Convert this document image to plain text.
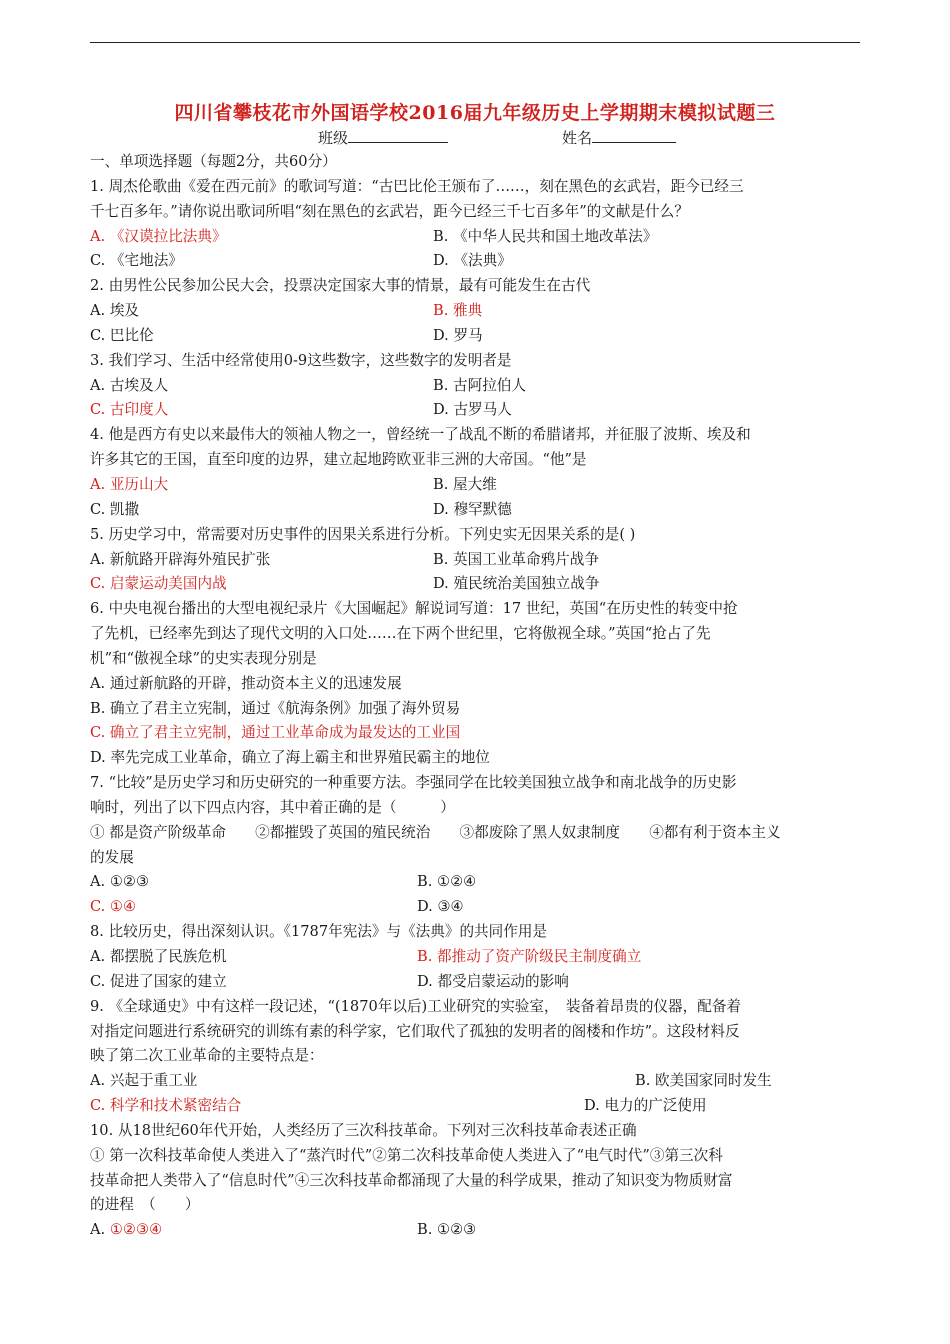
四川省攀枝花市外国语学校2016届九年级历史上学期期末模拟试题三
班级	姓名
一、单项选择题（每题2分，共60分）
1. 周杰伦歌曲《爱在西元前》的歌词写道：“古巴比伦王颁布了……，刻在黑色的玄武岩，距今已经三
千七百多年。”请你说出歌词所唱“刻在黑色的玄武岩，距今已经三千七百多年”的文献是什么？
A. 《汉谟拉比法典》	B. 《中华人民共和国土地改革法》
C. 《宅地法》	D. 《法典》
2. 由男性公民参加公民大会，投票决定国家大事的情景，最有可能发生在古代
A. 埃及	B. 雅典
C. 巴比伦	D. 罗马
3. 我们学习、生活中经常使用0-9这些数字，这些数字的发明者是
A. 古埃及人	B. 古阿拉伯人
C. 古印度人	D. 古罗马人
4. 他是西方有史以来最伟大的领袖人物之一，曾经统一了战乱不断的希腊诸邦，并征服了波斯、埃及和
许多其它的王国，直至印度的边界，建立起地跨欧亚非三洲的大帝国。“他”是
A. 亚历山大	B. 屋大维
C. 凯撒	D. 穆罕默德
5. 历史学习中，常需要对历史事件的因果关系进行分析。下列史实无因果关系的是( )
A. 新航路开辟海外殖民扩张	B. 英国工业革命鸦片战争
C. 启蒙运动美国内战	D. 殖民统治美国独立战争
6. 中央电视台播出的大型电视纪录片《大国崛起》解说词写道：17 世纪，英国“在历史性的转变中抢
了先机，已经率先到达了现代文明的入口处……在下两个世纪里，它将傲视全球。”英国“抢占了先
机”和“傲视全球”的史实表现分别是
A. 通过新航路的开辟，推动资本主义的迅速发展
B. 确立了君主立宪制，通过《航海条例》加强了海外贸易
C. 确立了君主立宪制，通过工业革命成为最发达的工业国
D. 率先完成工业革命，确立了海上霸主和世界殖民霸主的地位
7. “比较”是历史学习和历史研究的一种重要方法。李强同学在比较美国独立战争和南北战争的历史影
响时，列出了以下四点内容，其中着正确的是（　　　）
① 都是资产阶级革命　　②都摧毁了英国的殖民统治　　③都废除了黑人奴隶制度　　④都有利于资本主义
的发展
A. ①②③	B. ①②④
C. ①④	D. ③④
8. 比较历史，得出深刻认识。《1787年宪法》与《法典》的共同作用是
A. 都摆脱了民族危机	B. 都推动了资产阶级民主制度确立
C. 促进了国家的建立	D. 都受启蒙运动的影响
9. 《全球通史》中有这样一段记述，“(1870年以后)工业研究的实验室，　装备着昂贵的仪器，配备着
对指定问题进行系统研究的训练有素的科学家，它们取代了孤独的发明者的阁楼和作坊”。这段材料反
映了第二次工业革命的主要特点是：
A. 兴起于重工业	B. 欧美国家同时发生
C. 科学和技术紧密结合	D. 电力的广泛使用
10. 从18世纪60年代开始，人类经历了三次科技革命。下列对三次科技革命表述正确
① 第一次科技革命使人类进入了“蒸汽时代”②第二次科技革命使人类进入了“电气时代”③第三次科
技革命把人类带入了“信息时代”④三次科技革命都涌现了大量的科学成果，推动了知识变为物质财富
的进程　（　　）
A. ①②③④	B. ①②③
